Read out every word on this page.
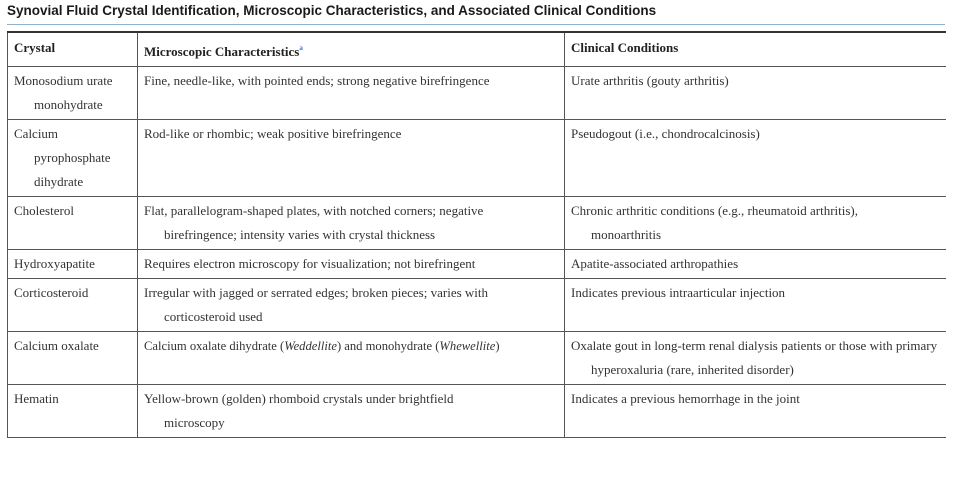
Synovial Fluid Crystal Identification, Microscopic Characteristics, and Associated Clinical Conditions
Crystal	Microscopic Characteristics$^a$	Clinical Conditions
Monosodium urate monohydrate	Fine, needle-like, with pointed ends; strong negative birefringence	Urate arthritis (gouty arthritis)
Calcium pyrophosphate dihydrate	Rod-like or rhombic; weak positive birefringence	Pseudogout (i.e., chondrocalcinosis)
Cholesterol	Flat, parallelogram-shaped plates, with notched corners; negative birefringence; intensity varies with crystal thickness	Chronic arthritic conditions (e.g., rheumatoid arthritis), monoarthritis
Hydroxyapatite	Requires electron microscopy for visualization; not birefringent	Apatite-associated arthropathies
Corticosteroid	Irregular with jagged or serrated edges; broken pieces; varies with corticosteroid used	Indicates previous intraarticular injection
Calcium oxalate	Calcium oxalate dihydrate (Weddellite) and monohydrate (Whewellite)	Oxalate gout in long-term renal dialysis patients or those with primary hyperoxaluria (rare, inherited disorder)
Hematin	Yellow-brown (golden) rhomboid crystals under brightfield microscopy	Indicates a previous hemorrhage in the joint
